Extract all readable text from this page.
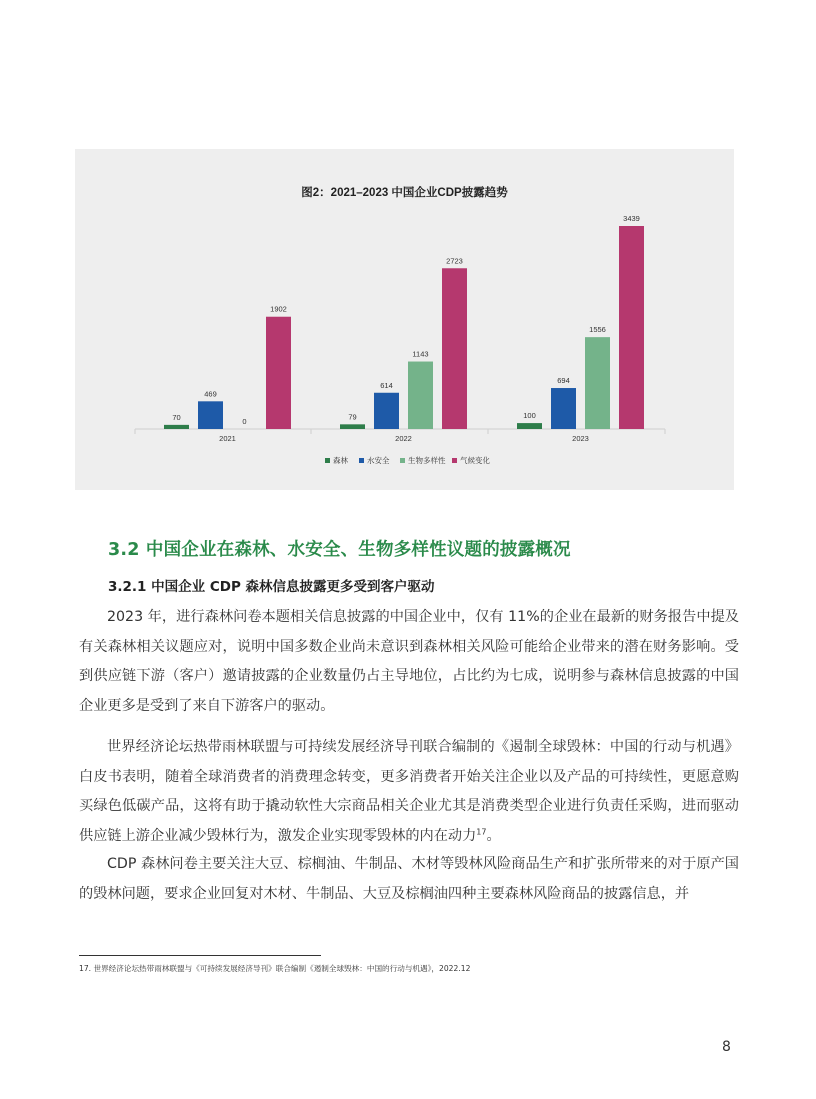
图2：2021–2023 中国企业CDP披露趋势
70
469
0
1902
2021
79
614
1143
2723
2022
100
694
1556
3439
2023
森林	水安全 生物多样性 气候变化
3.2 中国企业在森林、水安全、生物多样性议题的披露概况
3.2.1 中国企业 CDP 森林信息披露更多受到客户驱动

2023 年，进行森林问卷本题相关信息披露的中国企业中，仅有 11%的企业在最新的财务报告中提及有关森林相关议题应对，说明中国多数企业尚未意识到森林相关风险可能给企业带来的潜在财务影响。受到供应链下游（客户）邀请披露的企业数量仍占主导地位，占比约为七成，说明参与森林信息披露的中国企业更多是受到了来自下游客户的驱动。

世界经济论坛热带雨林联盟与可持续发展经济导刊联合编制的《遏制全球毁林：中国的行动与机遇》白皮书表明，随着全球消费者的消费理念转变，更多消费者开始关注企业以及产品的可持续性，更愿意购买绿色低碳产品，这将有助于撬动软性大宗商品相关企业尤其是消费类型企业进行负责任采购，进而驱动供应链上游企业减少毁林行为，激发企业实现零毁林的内在动力$^{17}$。

CDP 森林问卷主要关注大豆、棕榈油、牛制品、木材等毁林风险商品生产和扩张所带来的对于原产国的毁林问题，要求企业回复对木材、牛制品、大豆及棕榈油四种主要森林风险商品的披露信息，并

17. 世界经济论坛热带雨林联盟与《可持续发展经济导刊》联合编制《遏制全球毁林：中国的行动与机遇》，2022.12

8
